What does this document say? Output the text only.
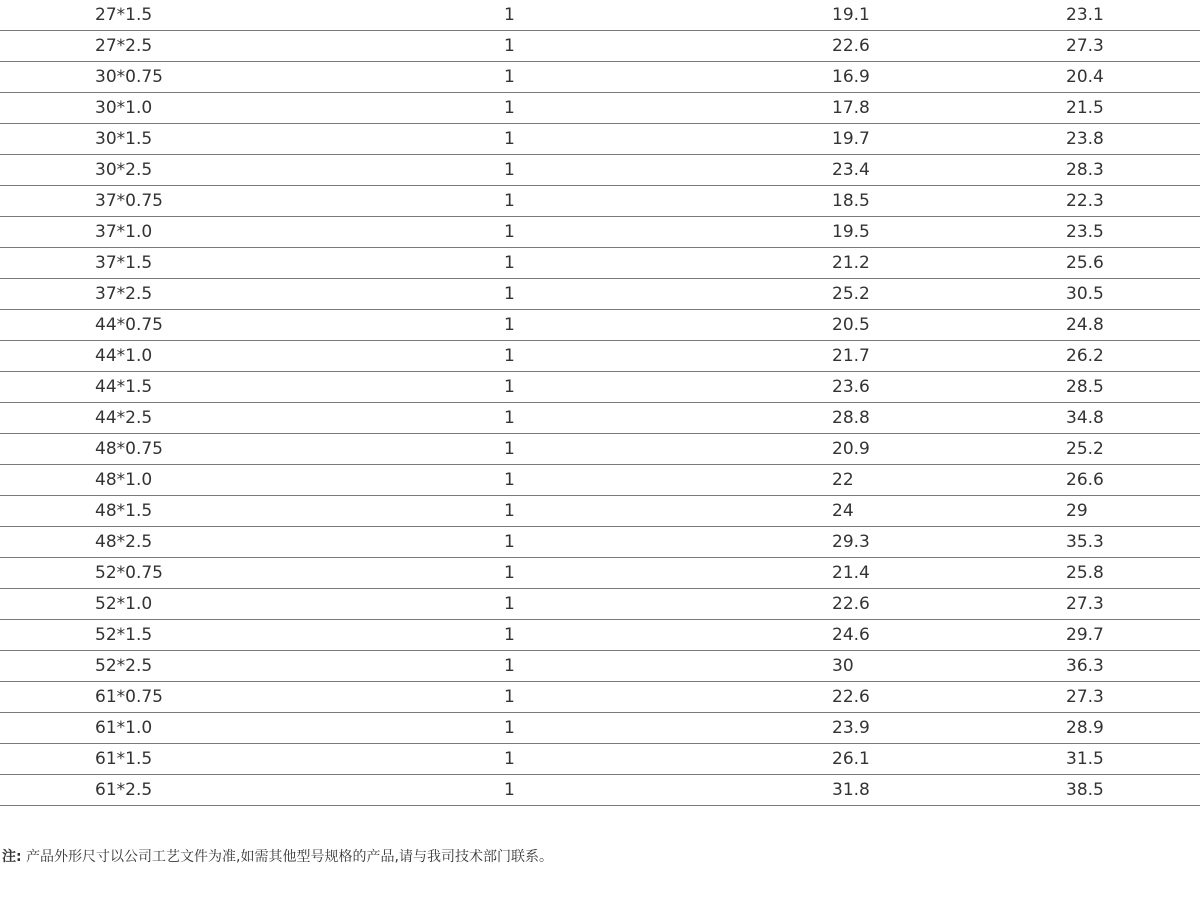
27*1.5	1	19.1	23.1
27*2.5	1	22.6	27.3
30*0.75	1	16.9	20.4
30*1.0	1	17.8	21.5
30*1.5	1	19.7	23.8
30*2.5	1	23.4	28.3
37*0.75	1	18.5	22.3
37*1.0	1	19.5	23.5
37*1.5	1	21.2	25.6
37*2.5	1	25.2	30.5
44*0.75	1	20.5	24.8
44*1.0	1	21.7	26.2
44*1.5	1	23.6	28.5
44*2.5	1	28.8	34.8
48*0.75	1	20.9	25.2
48*1.0	1	22	26.6
48*1.5	1	24	29
48*2.5	1	29.3	35.3
52*0.75	1	21.4	25.8
52*1.0	1	22.6	27.3
52*1.5	1	24.6	29.7
52*2.5	1	30	36.3
61*0.75	1	22.6	27.3
61*1.0	1	23.9	28.9
61*1.5	1	26.1	31.5
61*2.5	1	31.8	38.5
注: 产品外形尺寸以公司工艺文件为准,如需其他型号规格的产品,请与我司技术部门联系。
